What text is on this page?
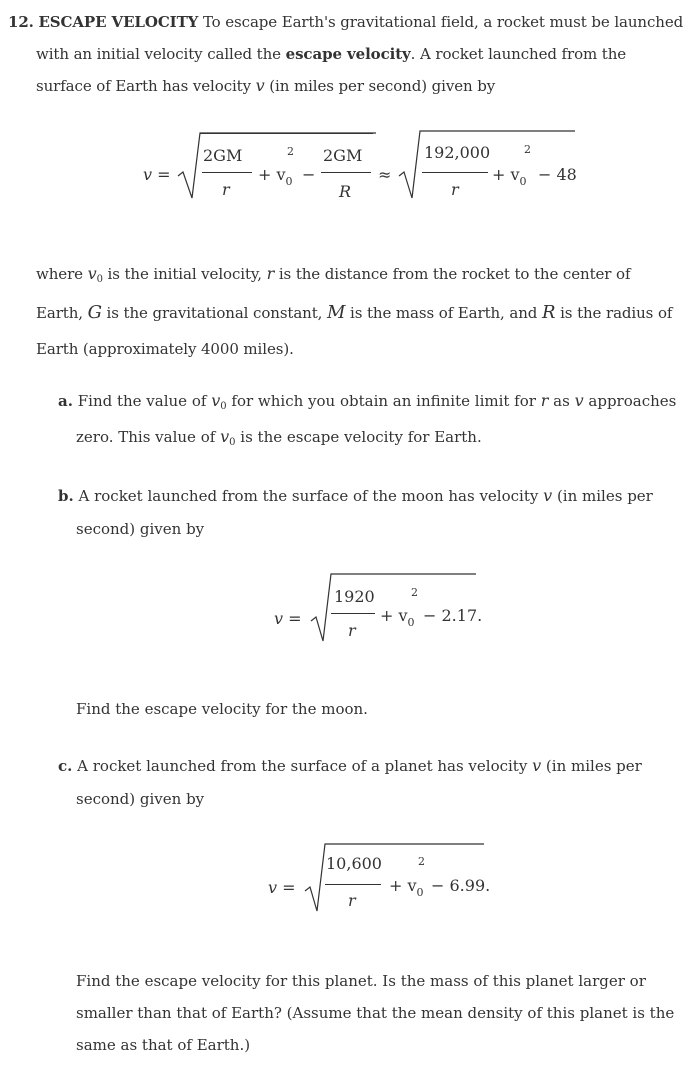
12. ESCAPE VELOCITY To escape Earth's gravitational field, a rocket must be launched
with an initial velocity called the escape velocity. A rocket launched from the
surface of Earth has velocity v (in miles per second) given by
v =
2GM
r
2
+ $v_0$ −
2GM
R
≈
192,000
r
2
+ $v_0 - 48$
where $v_0$ is the initial velocity, r is the distance from the rocket to the center of
Earth, G is the gravitational constant, M is the mass of Earth, and R is the radius of
Earth (approximately 4000 miles).
a. Find the value of $v_0$ for which you obtain an infinite limit for r as v approaches
zero. This value of $v_0$ is the escape velocity for Earth.
b. A rocket launched from the surface of the moon has velocity v (in miles per
second) given by
v =
1920
r
2
+ $v_0 - 2.17$.
Find the escape velocity for the moon.
c. A rocket launched from the surface of a planet has velocity v (in miles per
second) given by
v =
10,600
r
2
+ $v_0 - 6.99$.
Find the escape velocity for this planet. Is the mass of this planet larger or
smaller than that of Earth? (Assume that the mean density of this planet is the
same as that of Earth.)
